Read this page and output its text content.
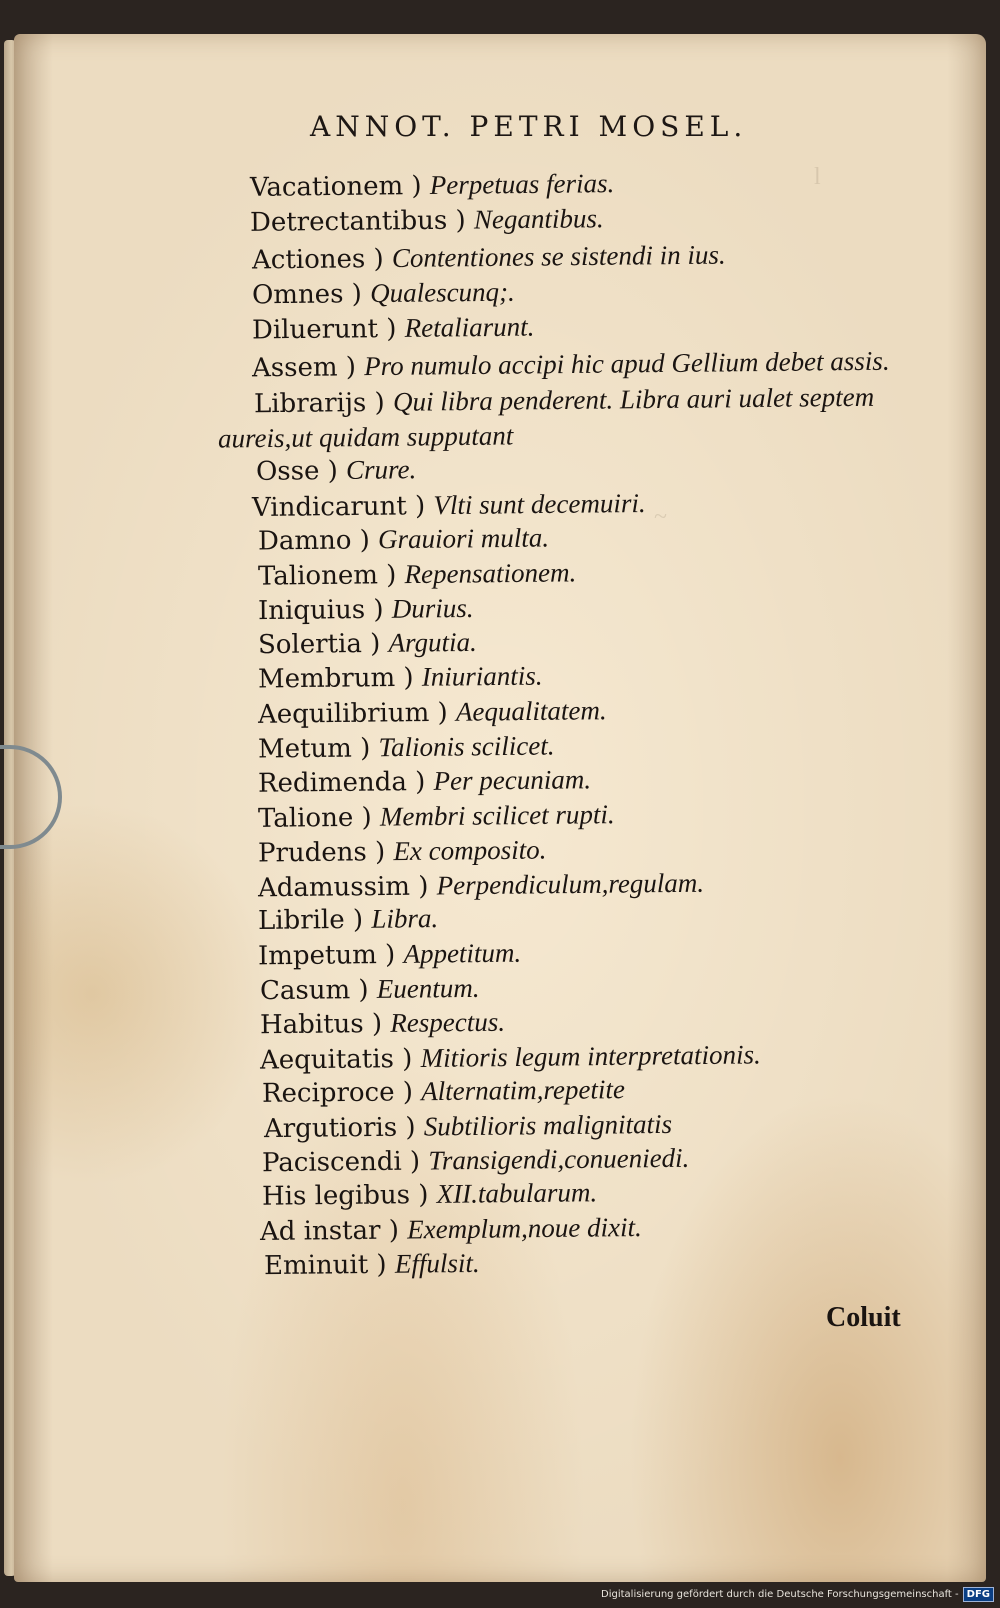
l
~
ANNOT. PETRI MOSEL.
Vacationem ) Perpetuas ferias.
Detrectantibus ) Negantibus.
Actiones ) Contentiones se sistendi in ius.
Omnes ) Qualescunq;.
Diluerunt ) Retaliarunt.
Assem ) Pro numulo accipi hic apud Gellium debet assis.
Librarijs ) Qui libra penderent. Libra auri ualet septem
aureis,ut quidam supputant
Osse ) Crure.
Vindicarunt ) Vlti sunt decemuiri.
Damno ) Grauiori multa.
Talionem ) Repensationem.
Iniquius ) Durius.
Solertia ) Argutia.
Membrum ) Iniuriantis.
Aequilibrium ) Aequalitatem.
Metum ) Talionis scilicet.
Redimenda ) Per pecuniam.
Talione ) Membri scilicet rupti.
Prudens ) Ex composito.
Adamussim ) Perpendiculum,regulam.
Librile ) Libra.
Impetum ) Appetitum.
Casum ) Euentum.
Habitus ) Respectus.
Aequitatis ) Mitioris legum interpretationis.
Reciproce ) Alternatim,repetite
Argutioris ) Subtilioris malignitatis
Paciscendi ) Transigendi,conueniedi.
His legibus ) XII.tabularum.
Ad instar ) Exemplum,noue dixit.
Eminuit ) Effulsit.
Coluit
Digitalisierung gefördert durch die Deutsche Forschungsgemeinschaft - DFG
